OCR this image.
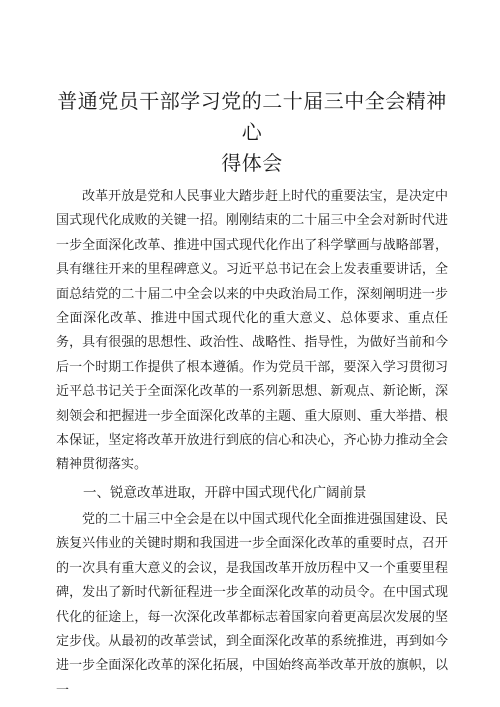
普通党员干部学习党的二十届三中全会精神心
得体会

改革开放是党和人民事业大踏步赶上时代的重要法宝，是决定中国式现代化成败的关键一招。刚刚结束的二十届三中全会对新时代进一步全面深化改革、推进中国式现代化作出了科学擘画与战略部署，具有继往开来的里程碑意义。习近平总书记在会上发表重要讲话，全面总结党的二十届二中全会以来的中央政治局工作，深刻阐明进一步全面深化改革、推进中国式现代化的重大意义、总体要求、重点任务，具有很强的思想性、政治性、战略性、指导性，为做好当前和今后一个时期工作提供了根本遵循。作为党员干部，要深入学习贯彻习近平总书记关于全面深化改革的一系列新思想、新观点、新论断，深刻领会和把握进一步全面深化改革的主题、重大原则、重大举措、根本保证，坚定将改革开放进行到底的信心和决心，齐心协力推动全会精神贯彻落实。

一、锐意改革进取，开辟中国式现代化广阔前景

党的二十届三中全会是在以中国式现代化全面推进强国建设、民族复兴伟业的关键时期和我国进一步全面深化改革的重要时点，召开的一次具有重大意义的会议，是我国改革开放历程中又一个重要里程碑，发出了新时代新征程进一步全面深化改革的动员令。在中国式现代化的征途上，每一次深化改革都标志着国家向着更高层次发展的坚定步伐。从最初的改革尝试，到全面深化改革的系统推进，再到如今进一步全面深化改革的深化拓展，中国始终高举改革开放的旗帜，以一
